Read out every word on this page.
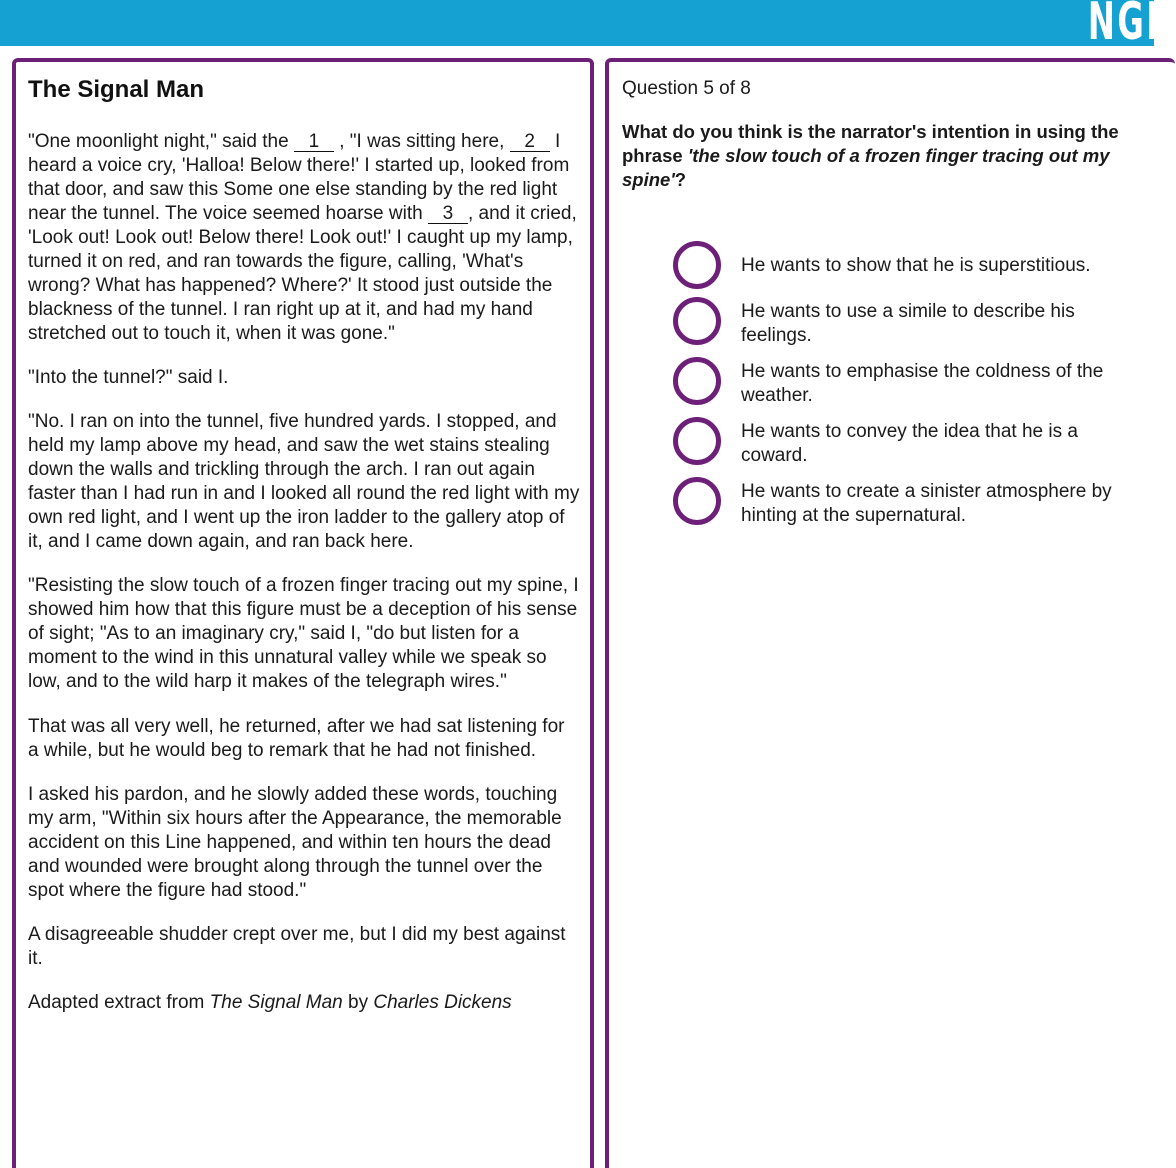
NGH
The Signal Man

"One moonlight night," said the 1 , "I was sitting here, 2 I heard a voice cry, 'Halloa! Below there!' I started up, looked from that door, and saw this Some one else standing by the red light near the tunnel. The voice seemed hoarse with 3 , and it cried, 'Look out! Look out! Below there! Look out!' I caught up my lamp, turned it on red, and ran towards the figure, calling, 'What's wrong? What has happened? Where?' It stood just outside the blackness of the tunnel. I ran right up at it, and had my hand stretched out to touch it, when it was gone."

"Into the tunnel?" said I.

"No. I ran on into the tunnel, five hundred yards. I stopped, and held my lamp above my head, and saw the wet stains stealing down the walls and trickling through the arch. I ran out again faster than I had run in and I looked all round the red light with my own red light, and I went up the iron ladder to the gallery atop of it, and I came down again, and ran back here.

"Resisting the slow touch of a frozen finger tracing out my spine, I showed him how that this figure must be a deception of his sense of sight; "As to an imaginary cry," said I, "do but listen for a moment to the wind in this unnatural valley while we speak so low, and to the wild harp it makes of the telegraph wires."

That was all very well, he returned, after we had sat listening for a while, but he would beg to remark that he had not finished.

I asked his pardon, and he slowly added these words, touching my arm, "Within six hours after the Appearance, the memorable accident on this Line happened, and within ten hours the dead and wounded were brought along through the tunnel over the spot where the figure had stood."

A disagreeable shudder crept over me, but I did my best against it.

Adapted extract from The Signal Man by Charles Dickens

Question 5 of 8
What do you think is the narrator's intention in using the phrase 'the slow touch of a frozen finger tracing out my spine'?
He wants to show that he is superstitious.
He wants to use a simile to describe his feelings.
He wants to emphasise the coldness of the weather.
He wants to convey the idea that he is a coward.
He wants to create a sinister atmosphere by hinting at the supernatural.
